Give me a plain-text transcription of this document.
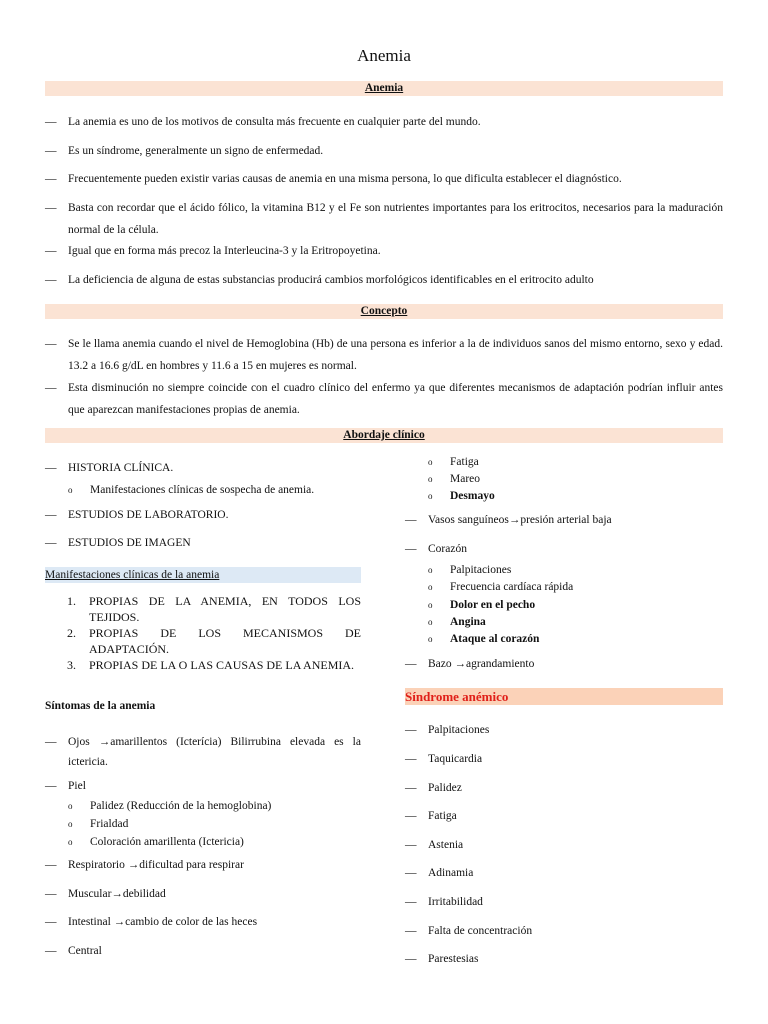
Anemia
Anemia
— La anemia es uno de los motivos de consulta más frecuente en cualquier parte del mundo.
— Es un síndrome, generalmente un signo de enfermedad.
— Frecuentemente pueden existir varias causas de anemia en una misma persona, lo que dificulta establecer el diagnóstico.
— Basta con recordar que el ácido fólico, la vitamina B12 y el Fe son nutrientes importantes para los eritrocitos, necesarios para la maduración normal de la célula.
— Igual que en forma más precoz la Interleucina-3 y la Eritropoyetina.
— La deficiencia de alguna de estas substancias producirá cambios morfológicos identificables en el eritrocito adulto
Concepto
— Se le llama anemia cuando el nivel de Hemoglobina (Hb) de una persona es inferior a la de individuos sanos del mismo entorno, sexo y edad. 13.2 a 16.6 g/dL en hombres y 11.6 a 15 en mujeres es normal.
— Esta disminución no siempre coincide con el cuadro clínico del enfermo ya que diferentes mecanismos de adaptación podrían influir antes que aparezcan manifestaciones propias de anemia.
Abordaje clínico
— HISTORIA CLÍNICA.
o Manifestaciones clínicas de sospecha de anemia.
— ESTUDIOS DE LABORATORIO.
— ESTUDIOS DE IMAGEN
Manifestaciones clínicas de la anemia
1. PROPIAS DE LA ANEMIA, EN TODOS LOS TEJIDOS.
2. PROPIAS DE LOS MECANISMOS DE ADAPTACIÓN.
3. PROPIAS DE LA O LAS CAUSAS DE LA ANEMIA.
Síntomas de la anemia
— Ojos →amarillentos (Icterícia) Bilirrubina elevada es la ictericia.
— Piel
o Palidez (Reducción de la hemoglobina)
o Frialdad
o Coloración amarillenta (Ictericia)
— Respiratorio →dificultad para respirar
— Muscular→debilidad
— Intestinal →cambio de color de las heces
— Central
o Fatiga
o Mareo
o Desmayo
— Vasos sanguíneos→presión arterial baja
— Corazón
o Palpitaciones
o Frecuencia cardíaca rápida
o Dolor en el pecho
o Angina
o Ataque al corazón
— Bazo →agrandamiento
Síndrome anémico
— Palpitaciones
— Taquicardia
— Palidez
— Fatiga
— Astenia
— Adinamia
— Irritabilidad
— Falta de concentración
— Parestesias
